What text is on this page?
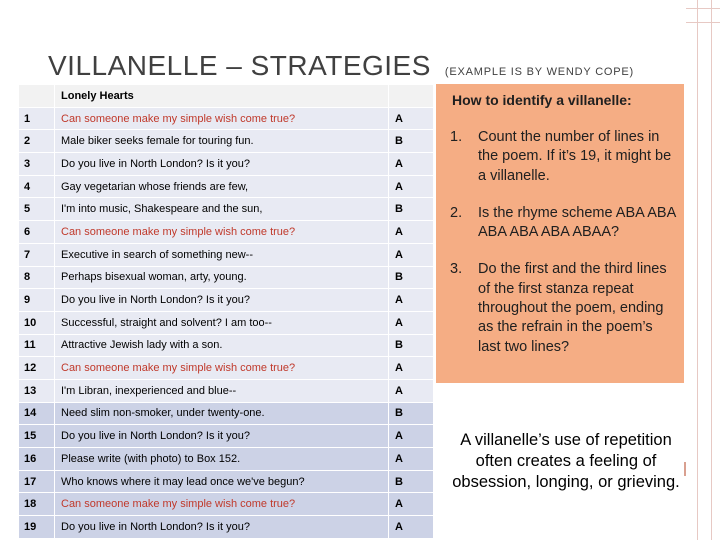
VILLANELLE – STRATEGIES (EXAMPLE IS BY WENDY COPE)
	Lonely Hearts	
1	Can someone make my simple wish come true?	A
2	Male biker seeks female for touring fun.	B
3	Do you live in North London? Is it you?	A
4	Gay vegetarian whose friends are few,	A
5	I'm into music, Shakespeare and the sun,	B
6	Can someone make my simple wish come true?	A
7	Executive in search of something new--	A
8	Perhaps bisexual woman, arty, young.	B
9	Do you live in North London? Is it you?	A
10	Successful, straight and solvent? I am too--	A
11	Attractive Jewish lady with a son.	B
12	Can someone make my simple wish come true?	A
13	I'm Libran, inexperienced and blue--	A
14	Need slim non-smoker, under twenty-one.	B
15	Do you live in North London? Is it you?	A
16	Please write (with photo) to Box 152.	A
17	Who knows where it may lead once we've begun?	B
18	Can someone make my simple wish come true?	A
19	Do you live in North London? Is it you?	A
How to identify a villanelle:
1. Count the number of lines in the poem. If it’s 19, it might be a villanelle.
2. Is the rhyme scheme ABA ABA ABA ABA ABA ABAA?
3. Do the first and the third lines of the first stanza repeat throughout the poem, ending as the refrain in the poem’s last two lines?
A villanelle’s use of repetition often creates a feeling of obsession, longing, or grieving.
